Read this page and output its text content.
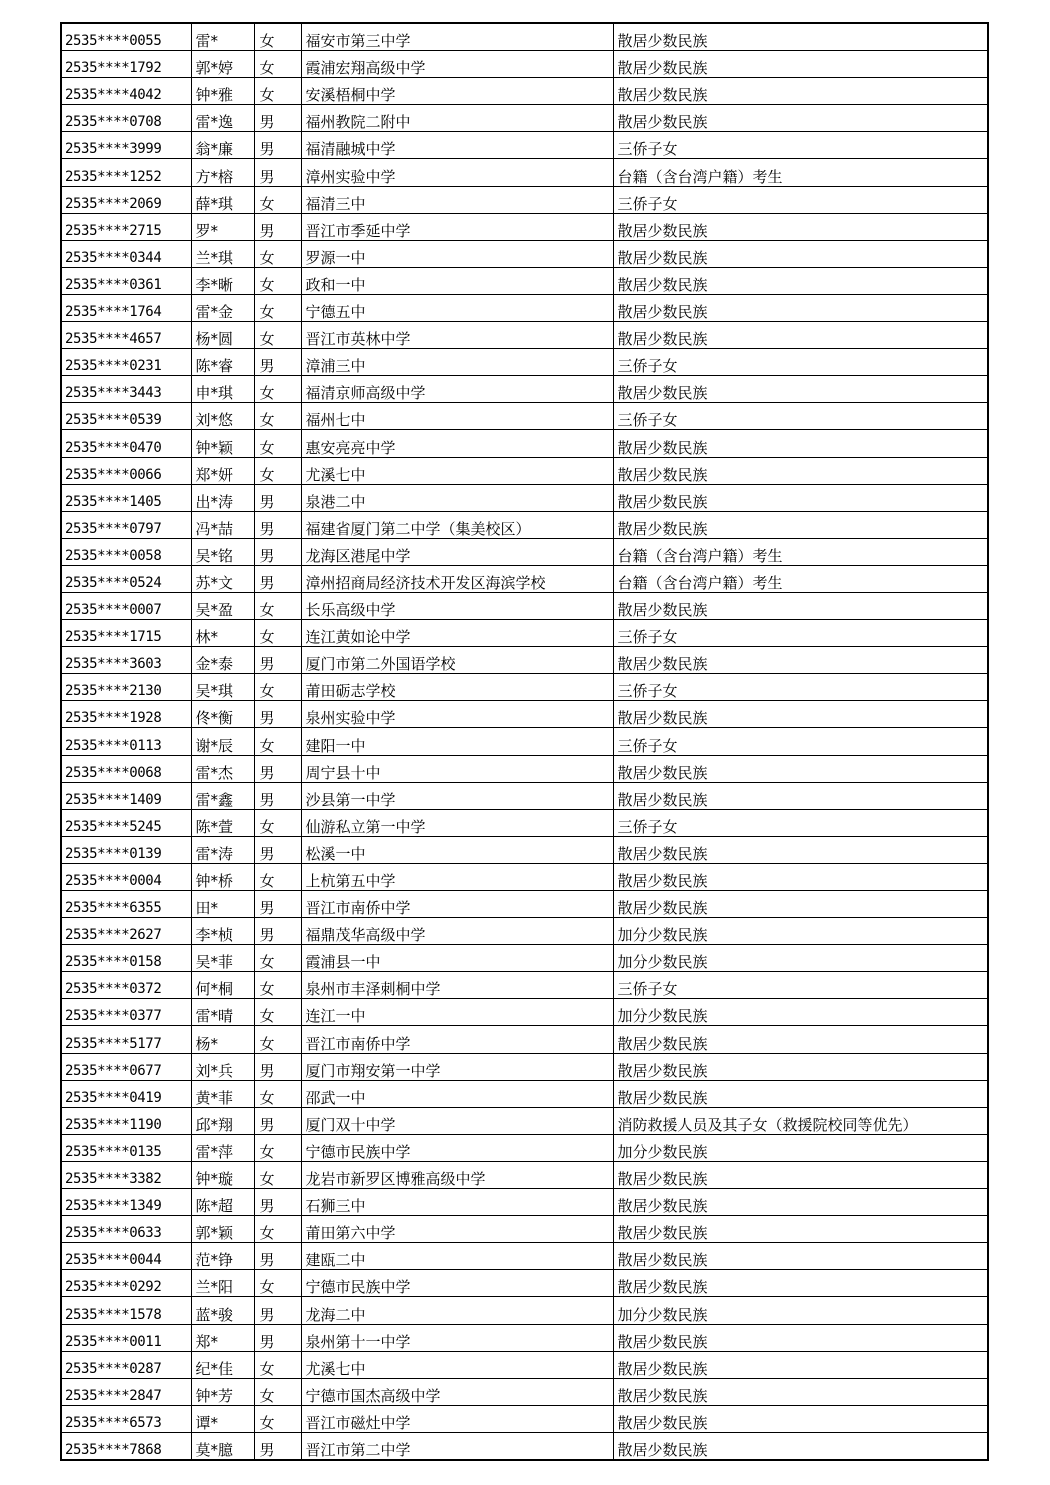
2535****0055	雷*	女	福安市第三中学	散居少数民族
2535****1792	郭*婷	女	霞浦宏翔高级中学	散居少数民族
2535****4042	钟*雅	女	安溪梧桐中学	散居少数民族
2535****0708	雷*逸	男	福州教院二附中	散居少数民族
2535****3999	翁*廉	男	福清融城中学	三侨子女
2535****1252	方*榕	男	漳州实验中学	台籍（含台湾户籍）考生
2535****2069	薛*琪	女	福清三中	三侨子女
2535****2715	罗*	男	晋江市季延中学	散居少数民族
2535****0344	兰*琪	女	罗源一中	散居少数民族
2535****0361	李*晰	女	政和一中	散居少数民族
2535****1764	雷*金	女	宁德五中	散居少数民族
2535****4657	杨*圆	女	晋江市英林中学	散居少数民族
2535****0231	陈*睿	男	漳浦三中	三侨子女
2535****3443	申*琪	女	福清京师高级中学	散居少数民族
2535****0539	刘*悠	女	福州七中	三侨子女
2535****0470	钟*颖	女	惠安亮亮中学	散居少数民族
2535****0066	郑*妍	女	尤溪七中	散居少数民族
2535****1405	出*涛	男	泉港二中	散居少数民族
2535****0797	冯*喆	男	福建省厦门第二中学（集美校区）	散居少数民族
2535****0058	吴*铭	男	龙海区港尾中学	台籍（含台湾户籍）考生
2535****0524	苏*文	男	漳州招商局经济技术开发区海滨学校	台籍（含台湾户籍）考生
2535****0007	吴*盈	女	长乐高级中学	散居少数民族
2535****1715	林*	女	连江黄如论中学	三侨子女
2535****3603	金*泰	男	厦门市第二外国语学校	散居少数民族
2535****2130	吴*琪	女	莆田砺志学校	三侨子女
2535****1928	佟*衡	男	泉州实验中学	散居少数民族
2535****0113	谢*辰	女	建阳一中	三侨子女
2535****0068	雷*杰	男	周宁县十中	散居少数民族
2535****1409	雷*鑫	男	沙县第一中学	散居少数民族
2535****5245	陈*萱	女	仙游私立第一中学	三侨子女
2535****0139	雷*涛	男	松溪一中	散居少数民族
2535****0004	钟*桥	女	上杭第五中学	散居少数民族
2535****6355	田*	男	晋江市南侨中学	散居少数民族
2535****2627	李*桢	男	福鼎茂华高级中学	加分少数民族
2535****0158	吴*菲	女	霞浦县一中	加分少数民族
2535****0372	何*桐	女	泉州市丰泽刺桐中学	三侨子女
2535****0377	雷*晴	女	连江一中	加分少数民族
2535****5177	杨*	女	晋江市南侨中学	散居少数民族
2535****0677	刘*兵	男	厦门市翔安第一中学	散居少数民族
2535****0419	黄*菲	女	邵武一中	散居少数民族
2535****1190	邱*翔	男	厦门双十中学	消防救援人员及其子女（救援院校同等优先）
2535****0135	雷*萍	女	宁德市民族中学	加分少数民族
2535****3382	钟*璇	女	龙岩市新罗区博雅高级中学	散居少数民族
2535****1349	陈*超	男	石狮三中	散居少数民族
2535****0633	郭*颖	女	莆田第六中学	散居少数民族
2535****0044	范*铮	男	建瓯二中	散居少数民族
2535****0292	兰*阳	女	宁德市民族中学	散居少数民族
2535****1578	蓝*骏	男	龙海二中	加分少数民族
2535****0011	郑*	男	泉州第十一中学	散居少数民族
2535****0287	纪*佳	女	尤溪七中	散居少数民族
2535****2847	钟*芳	女	宁德市国杰高级中学	散居少数民族
2535****6573	谭*	女	晋江市磁灶中学	散居少数民族
2535****7868	莫*臆	男	晋江市第二中学	散居少数民族
